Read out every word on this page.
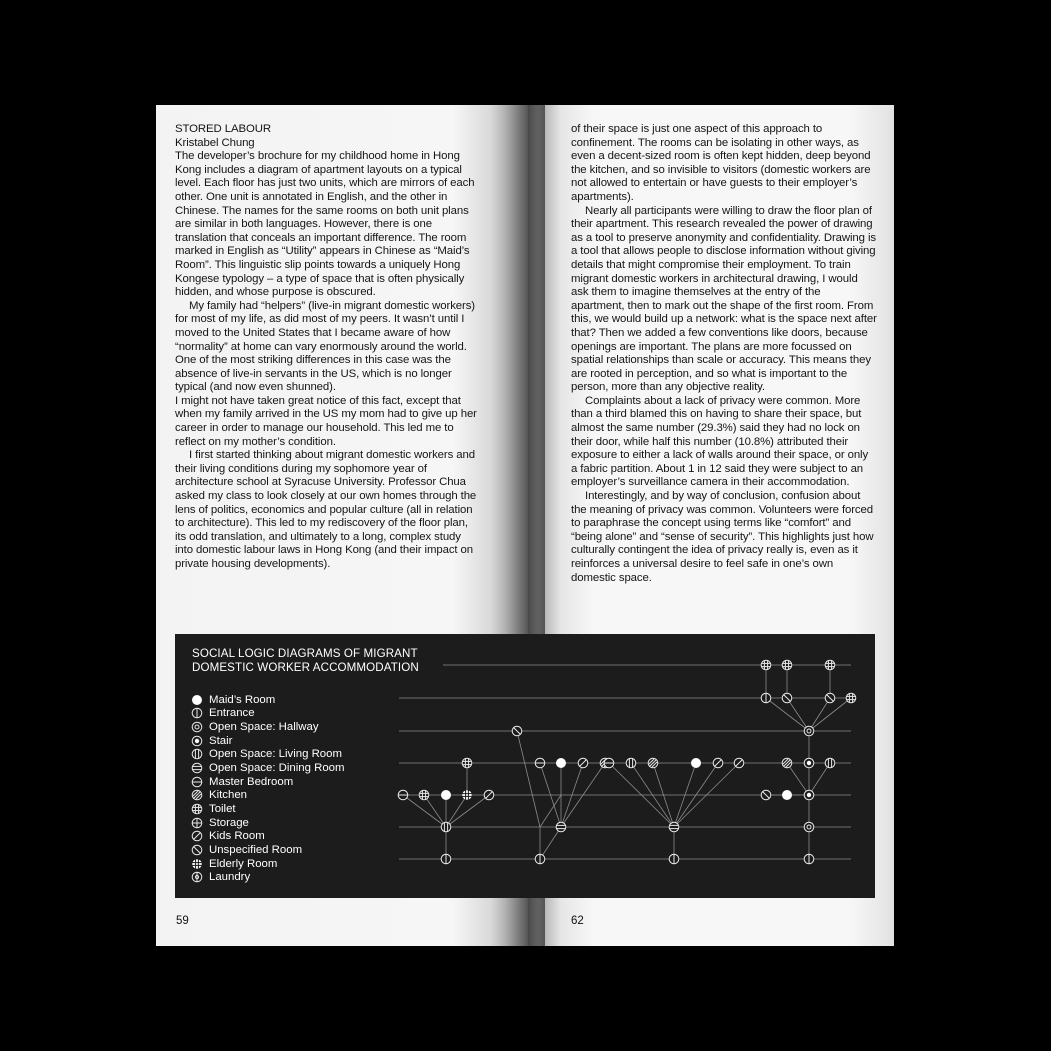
STORED LABOUR

Kristabel Chung

The developer’s brochure for my childhood home in Hong Kong includes a diagram of apartment layouts on a typical level. Each floor has just two units, which are mirrors of each other. One unit is annotated in English, and the other in Chinese. The names for the same rooms on both unit plans are similar in both languages. However, there is one translation that conceals an important difference. The room marked in English as “Utility” appears in Chinese as “Maid’s Room”. This linguistic slip points towards a uniquely Hong Kongese typology – a type of space that is often physically hidden, and whose purpose is obscured.

My family had “helpers” (live-in migrant domestic workers) for most of my life, as did most of my peers. It wasn’t until I moved to the United States that I became aware of how “normality” at home can vary enormously around the world. One of the most striking differences in this case was the absence of live-in servants in the US, which is no longer typical (and now even shunned).

I might not have taken great notice of this fact, except that when my family arrived in the US my mom had to give up her career in order to manage our household. This led me to reflect on my mother’s condition.

I first started thinking about migrant domestic workers and their living conditions during my sophomore year of architecture school at Syracuse University. Professor Chua asked my class to look closely at our own homes through the lens of politics, economics and popular culture (all in relation to architecture). This led to my rediscovery of the floor plan, its odd translation, and ultimately to a long, complex study into domestic labour laws in Hong Kong (and their impact on private housing developments).

of their space is just one aspect of this approach to confinement. The rooms can be isolating in other ways, as even a decent-sized room is often kept hidden, deep beyond the kitchen, and so invisible to visitors (domestic workers are not allowed to entertain or have guests to their employer’s apartments).

Nearly all participants were willing to draw the floor plan of their apartment. This research revealed the power of drawing as a tool to preserve anonymity and confidentiality. Drawing is a tool that allows people to disclose information without giving details that might compromise their employment. To train migrant domestic workers in architectural drawing, I would ask them to imagine themselves at the entry of the apartment, then to mark out the shape of the first room. From this, we would build up a network: what is the space next after that? Then we added a few conventions like doors, because openings are important. The plans are more focussed on spatial relationships than scale or accuracy. This means they are rooted in perception, and so what is important to the person, more than any objective reality.

Complaints about a lack of privacy were common. More than a third blamed this on having to share their space, but almost the same number (29.3%) said they had no lock on their door, while half this number (10.8%) attributed their exposure to either a lack of walls around their space, or only a fabric partition. About 1 in 12 said they were subject to an employer’s surveillance camera in their accommodation.

Interestingly, and by way of conclusion, confusion about the meaning of privacy was common. Volunteers were forced to paraphrase the concept using terms like “comfort” and “being alone” and “sense of security”. This highlights just how culturally contingent the idea of privacy really is, even as it reinforces a universal desire to feel safe in one’s own domestic space.

SOCIAL LOGIC DIAGRAMS OF MIGRANT
DOMESTIC WORKER ACCOMMODATION
Maid’s Room
Entrance
Open Space: Hallway
Stair
Open Space: Living Room
Open Space: Dining Room
Master Bedroom
Kitchen
Toilet
Storage
Kids Room
Unspecified Room
Elderly Room
Laundry
59	62
